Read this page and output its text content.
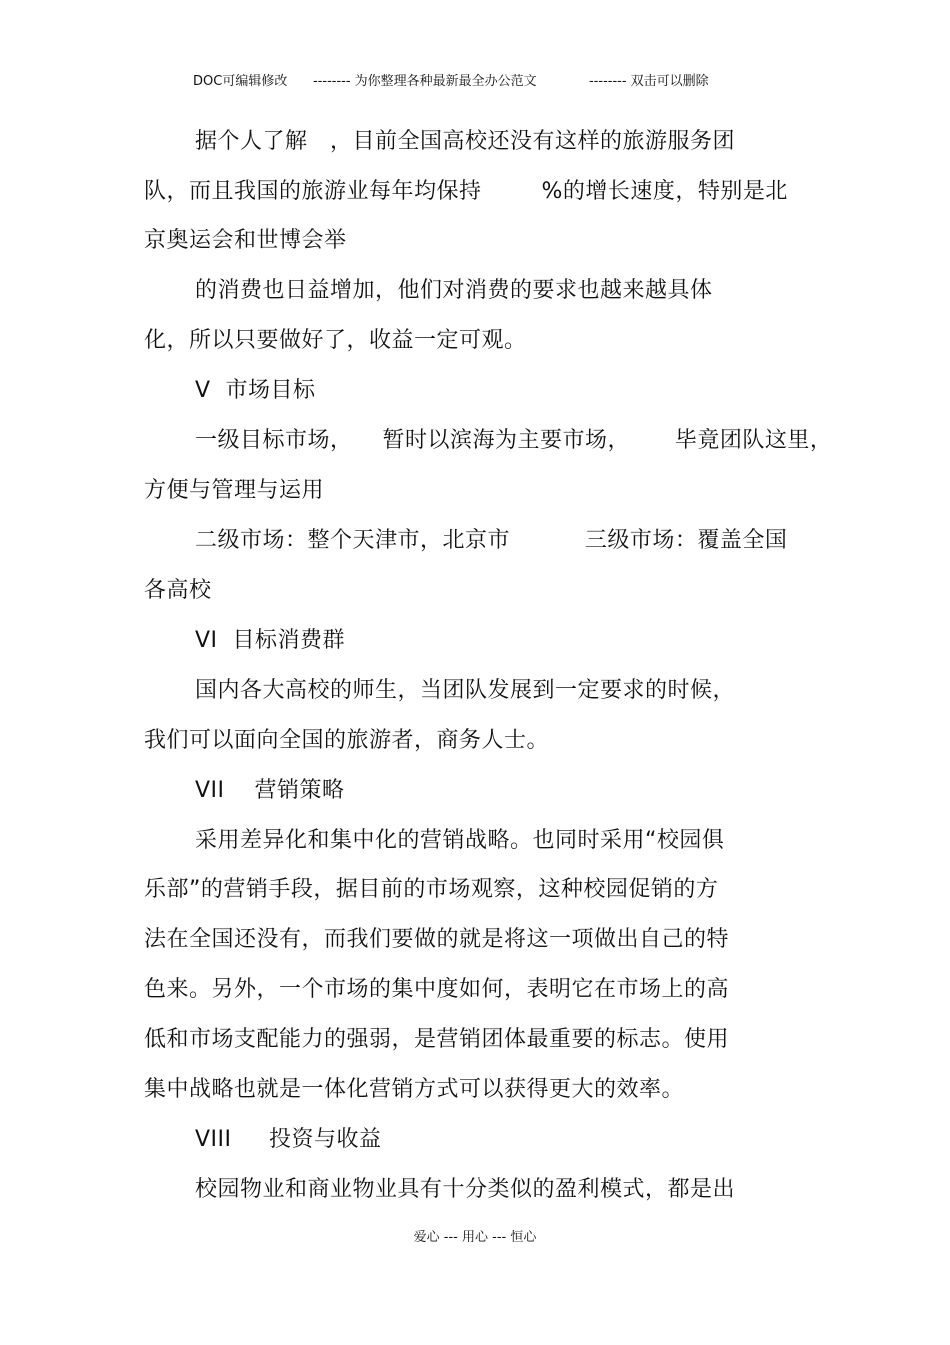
DOC可编辑修改

-------- 为你整理各种最新最全办公范文

	-------- 双击可以删除

据个人了解   ，目前全国高校还没有这样的旅游服务团
队，而且我国的旅游业每年均保持        %的增长速度，特别是北
京奥运会和世博会举
的消费也日益增加，他们对消费的要求也越来越具体
化，所以只要做好了，收益一定可观。
V  市场目标
一级目标市场，    暂时以滨海为主要市场，      毕竟团队这里，
方便与管理与运用
二级市场：整个天津市，北京市          三级市场：覆盖全国
各高校
VI  目标消费群
国内各大高校的师生，当团队发展到一定要求的时候，
我们可以面向全国的旅游者，商务人士。
VII    营销策略
采用差异化和集中化的营销战略。也同时采用“校园俱
乐部”的营销手段，据目前的市场观察，这种校园促销的方
法在全国还没有，而我们要做的就是将这一项做出自己的特
色来。另外，一个市场的集中度如何，表明它在市场上的高
低和市场支配能力的强弱，是营销团体最重要的标志。使用
集中战略也就是一体化营销方式可以获得更大的效率。
VIII     投资与收益
校园物业和商业物业具有十分类似的盈利模式，都是出
爱心 --- 用心 --- 恒心
